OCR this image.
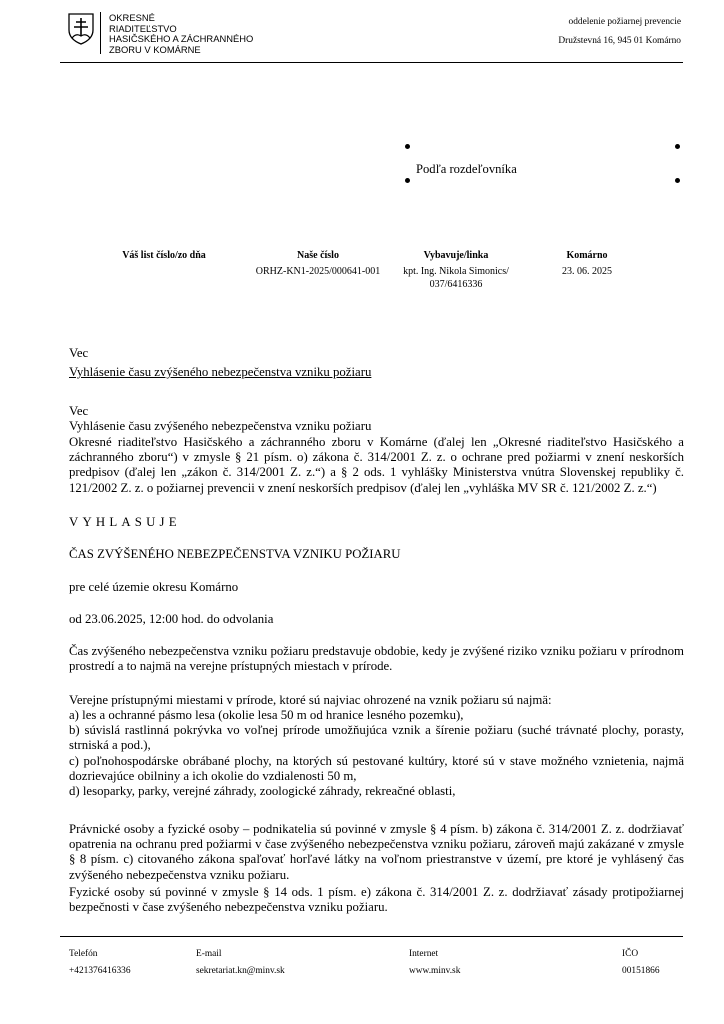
OKRESNÉ
RIADITEĽSTVO
HASIČSKÉHO A ZÁCHRANNÉHO
ZBORU V KOMÁRNE
oddelenie požiarnej prevencie
Družstevná 16, 945 01 Komárno
Podľa rozdeľovníka
Váš list číslo/zo dňa	Naše číslo
ORHZ-KN1-2025/000641-001
Vybavuje/linka
kpt. Ing. Nikola Simonics/
037/6416336
Komárno
23. 06. 2025
Vec
Vyhlásenie času zvýšeného nebezpečenstva vzniku požiaru
Vec
Vyhlásenie času zvýšeného nebezpečenstva vzniku požiaru
Okresné riaditeľstvo Hasičského a záchranného zboru v Komárne (ďalej len „Okresné riaditeľstvo Hasičského a záchranného zboru“) v zmysle § 21 písm. o) zákona č. 314/2001 Z. z. o ochrane pred požiarmi v znení neskorších predpisov (ďalej len „zákon č. 314/2001 Z. z.“) a § 2 ods. 1 vyhlášky Ministerstva vnútra Slovenskej republiky č. 121/2002 Z. z. o požiarnej prevencii v znení neskorších predpisov (ďalej len „vyhláška MV SR č. 121/2002 Z. z.“)
VYHLASUJE
ČAS ZVÝŠENÉHO NEBEZPEČENSTVA VZNIKU POŽIARU
pre celé územie okresu Komárno
od 23.06.2025, 12:00 hod. do odvolania
Čas zvýšeného nebezpečenstva vzniku požiaru predstavuje obdobie, kedy je zvýšené riziko vzniku požiaru v prírodnom prostredí a to najmä na verejne prístupných miestach v prírode.
Verejne prístupnými miestami v prírode, ktoré sú najviac ohrozené na vznik požiaru sú najmä:
a) les a ochranné pásmo lesa (okolie lesa 50 m od hranice lesného pozemku),
b) súvislá rastlinná pokrývka vo voľnej prírode umožňujúca vznik a šírenie požiaru (suché trávnaté plochy, porasty, strniská a pod.),
c) poľnohospodárske obrábané plochy, na ktorých sú pestované kultúry, ktoré sú v stave možného vznietenia, najmä dozrievajúce obilniny a ich okolie do vzdialenosti 50 m,
d) lesoparky, parky, verejné záhrady, zoologické záhrady, rekreačné oblasti,
Právnické osoby a fyzické osoby – podnikatelia sú povinné v zmysle § 4 písm. b) zákona č. 314/2001 Z. z. dodržiavať opatrenia na ochranu pred požiarmi v čase zvýšeného nebezpečenstva vzniku požiaru, zároveň majú zakázané v zmysle § 8 písm. c) citovaného zákona spaľovať horľavé látky na voľnom priestranstve v území, pre ktoré je vyhlásený čas zvýšeného nebezpečenstva vzniku požiaru.
Fyzické osoby sú povinné v zmysle § 14 ods. 1 písm. e) zákona č. 314/2001 Z. z. dodržiavať zásady protipožiarnej bezpečnosti v čase zvýšeného nebezpečenstva vzniku požiaru.
Telefón
+421376416336
E-mail
sekretariat.kn@minv.sk
Internet
www.minv.sk
IČO
00151866
